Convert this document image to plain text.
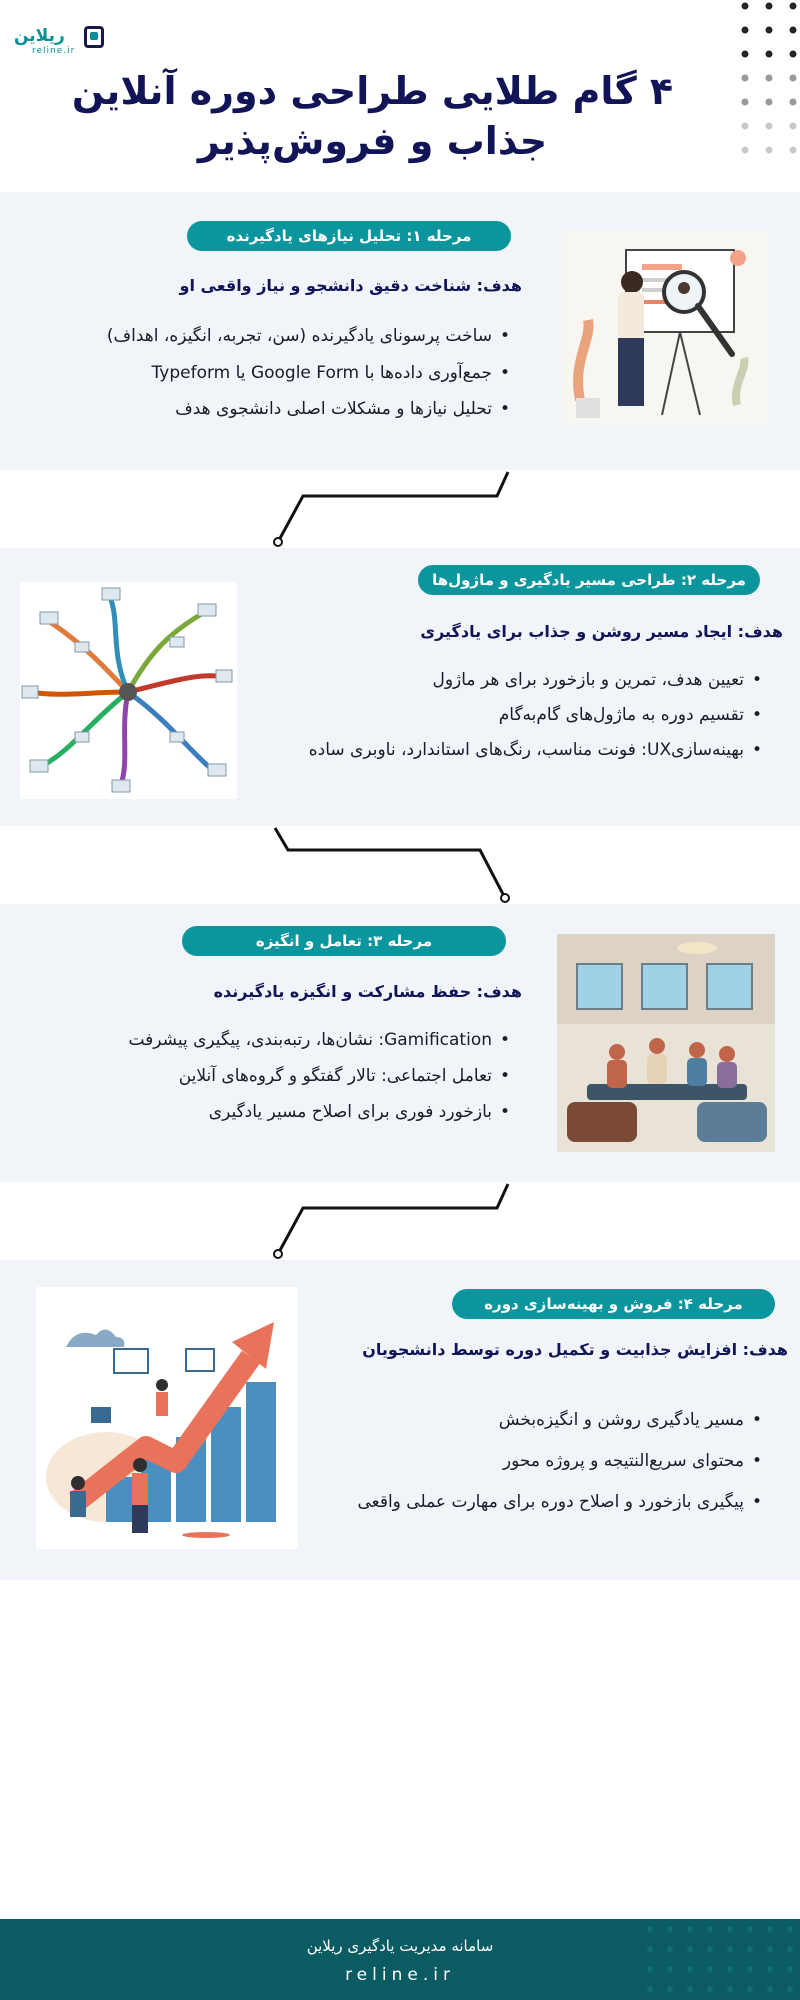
ریلاین
reline.ir
۴ گام طلایی طراحی دوره آنلاین جذاب و فروش‌پذیر
مرحله ۱: تحلیل نیازهای یادگیرنده
هدف: شناخت دقیق دانشجو و نیاز واقعی او
• ساخت پرسونای یادگیرنده (سن، تجربه، انگیزه، اهداف)
• جمع‌آوری داده‌ها با Google Form یا Typeform
• تحلیل نیازها و مشکلات اصلی دانشجوی هدف
مرحله ۲: طراحی مسیر یادگیری و ماژول‌ها
هدف: ایجاد مسیر روشن و جذاب برای یادگیری
• تعیین هدف، تمرین و بازخورد برای هر ماژول
• تقسیم دوره به ماژول‌های گام‌به‌گام
• بهینه‌سازیUX: فونت مناسب، رنگ‌های استاندارد، ناوبری ساده
مرحله ۳: تعامل و انگیزه
هدف: حفظ مشارکت و انگیزه یادگیرنده
• Gamification: نشان‌ها، رتبه‌بندی، پیگیری پیشرفت
• تعامل اجتماعی: تالار گفتگو و گروه‌های آنلاین
• بازخورد فوری برای اصلاح مسیر یادگیری
مرحله ۴: فروش و بهینه‌سازی دوره
هدف: افزایش جذابیت و تکمیل دوره توسط دانشجویان
• مسیر یادگیری روشن و انگیزه‌بخش
• محتوای سریع‌النتیجه و پروژه محور
• پیگیری بازخورد و اصلاح دوره برای مهارت عملی واقعی
سامانه مدیریت یادگیری ریلاین
reline.ir
